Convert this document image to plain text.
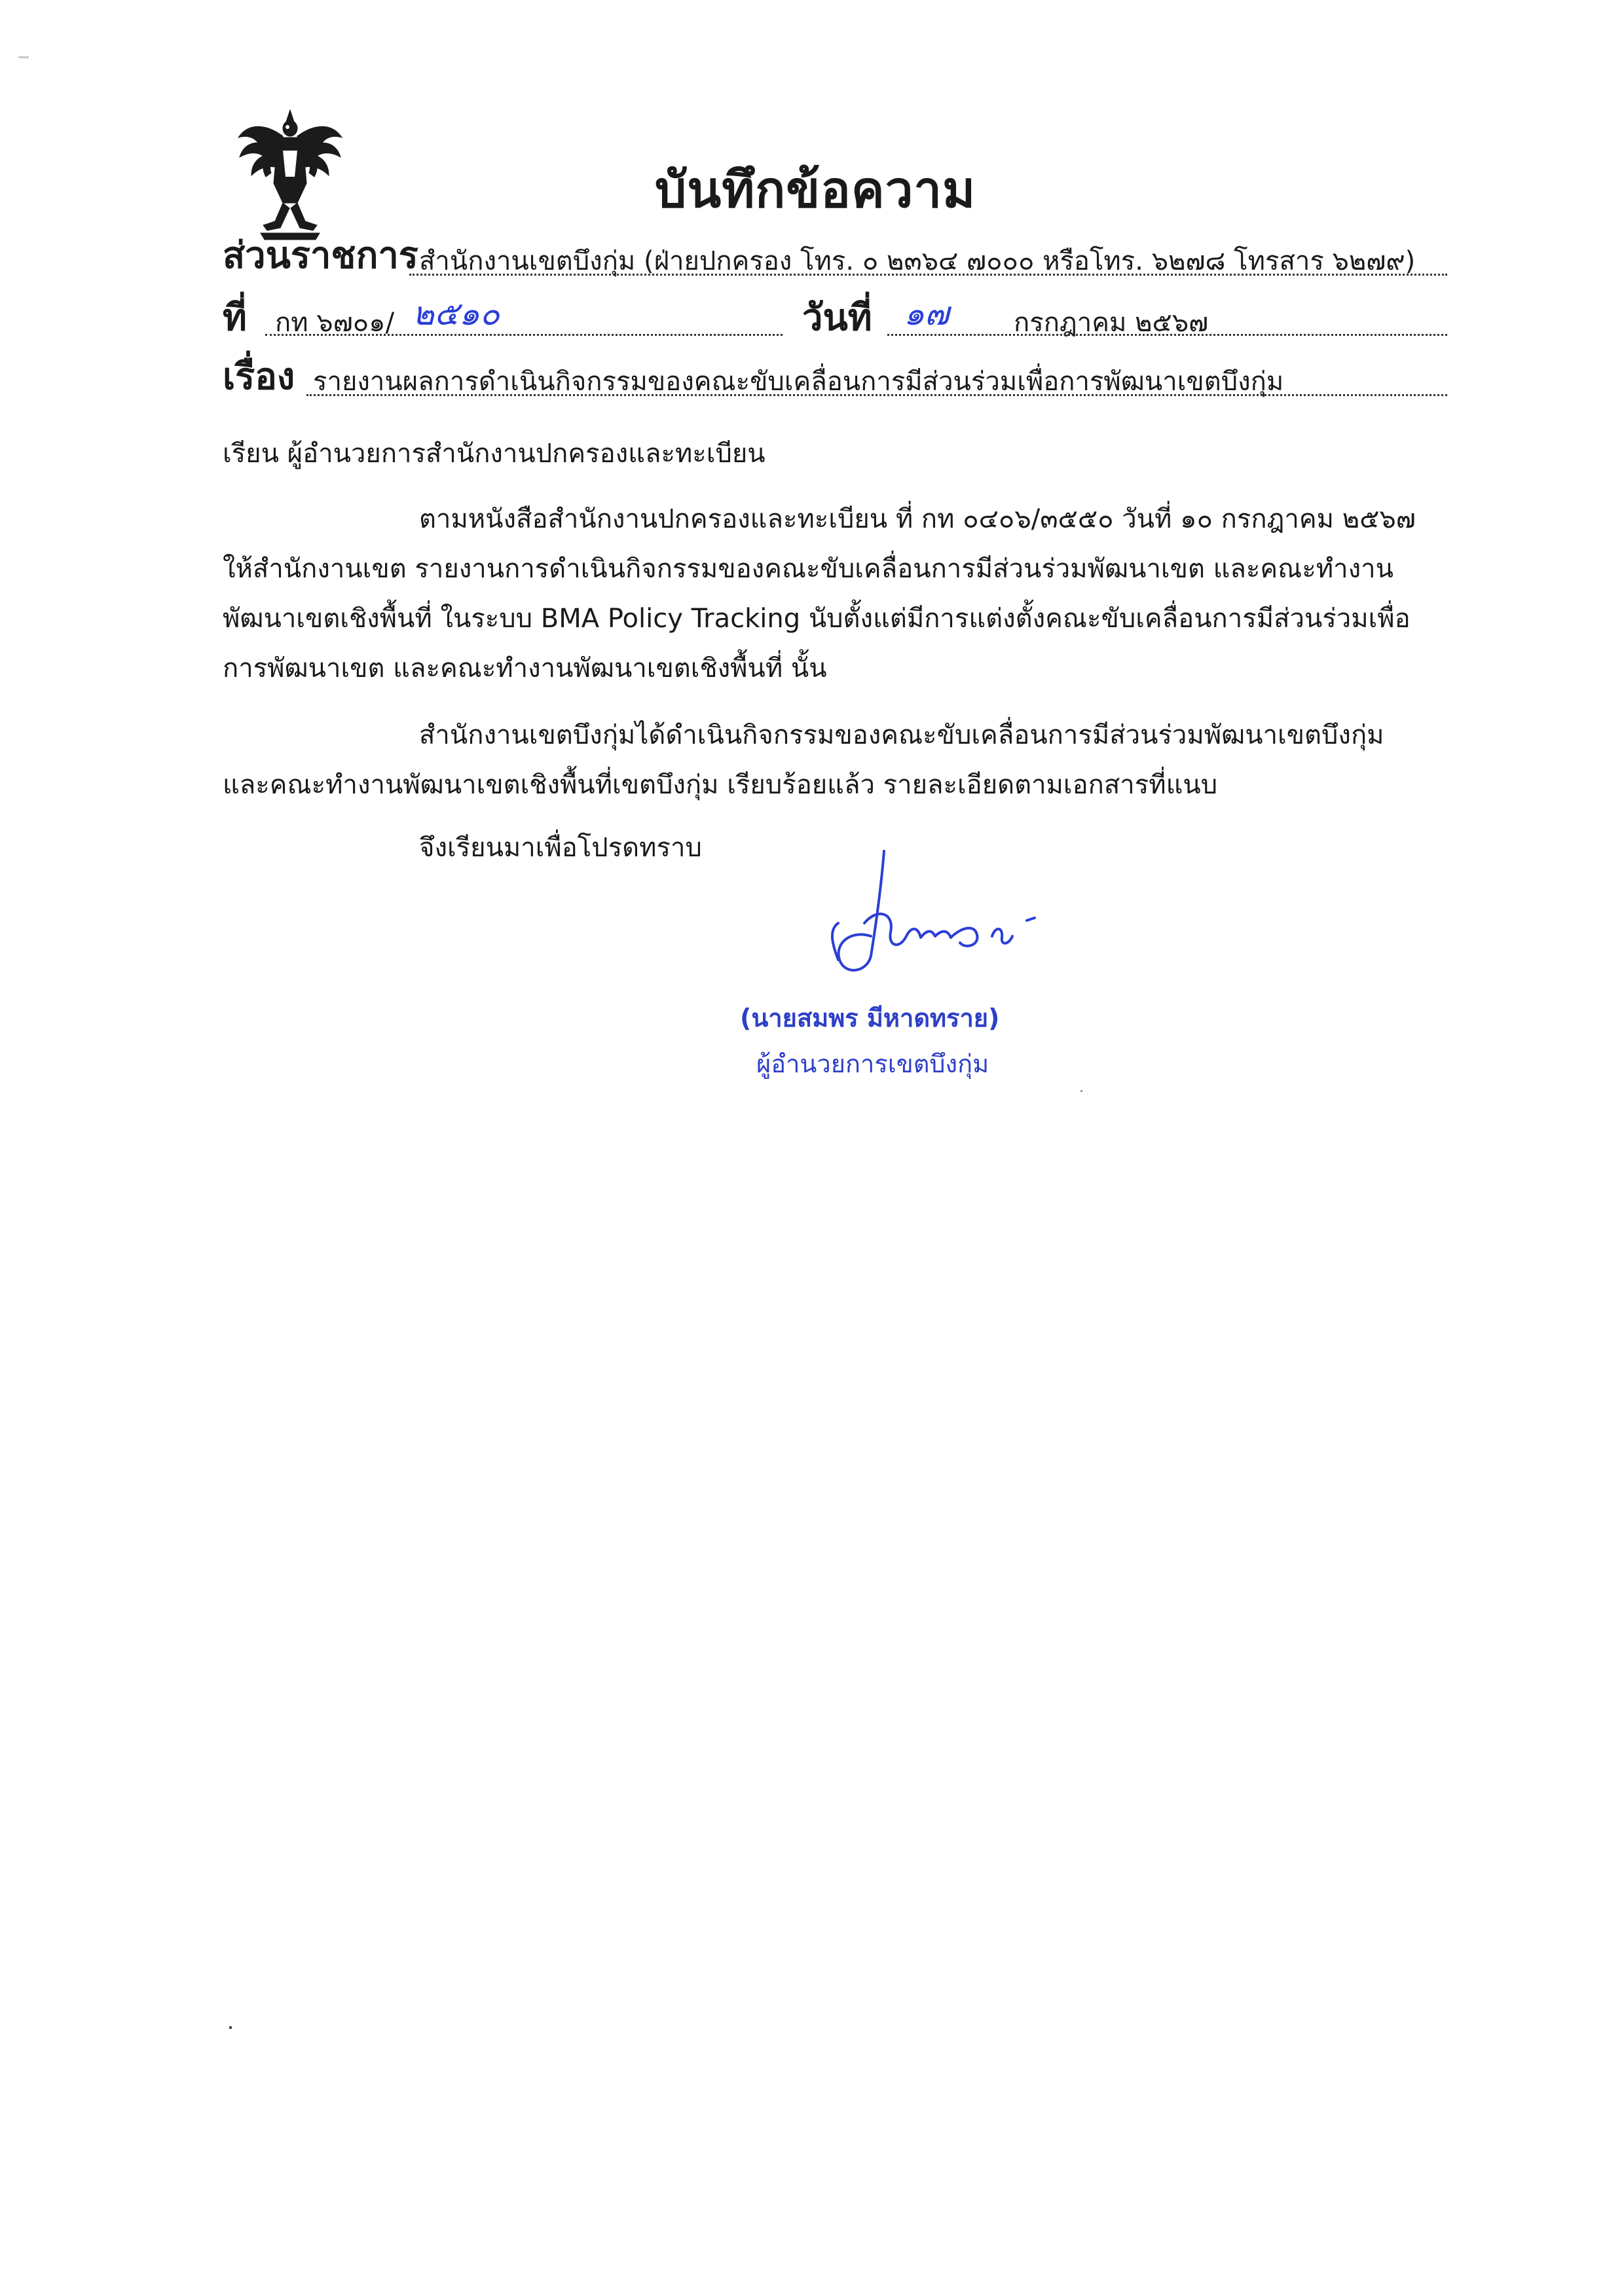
บันทึกข้อความ
ส่วนราชการ สำนักงานเขตบึงกุ่ม (ฝ่ายปกครอง โทร. ๐ ๒๓๖๔ ๗๐๐๐ หรือโทร. ๖๒๗๘ โทรสาร ๖๒๗๙)
ที่ กท ๖๗๐๑/ ๒๕๑๐	วันที่ ๑๗ กรกฎาคม ๒๕๖๗
เรื่อง รายงานผลการดำเนินกิจกรรมของคณะขับเคลื่อนการมีส่วนร่วมเพื่อการพัฒนาเขตบึงกุ่ม
เรียน ผู้อำนวยการสำนักงานปกครองและทะเบียน
ตามหนังสือสำนักงานปกครองและทะเบียน ที่ กท ๐๔๐๖/๓๕๕๐ วันที่ ๑๐ กรกฎาคม ๒๕๖๗
ให้สำนักงานเขต รายงานการดำเนินกิจกรรมของคณะขับเคลื่อนการมีส่วนร่วมพัฒนาเขต และคณะทำงาน
พัฒนาเขตเชิงพื้นที่ ในระบบ BMA Policy Tracking นับตั้งแต่มีการแต่งตั้งคณะขับเคลื่อนการมีส่วนร่วมเพื่อ
การพัฒนาเขต และคณะทำงานพัฒนาเขตเชิงพื้นที่ นั้น
สำนักงานเขตบึงกุ่มได้ดำเนินกิจกรรมของคณะขับเคลื่อนการมีส่วนร่วมพัฒนาเขตบึงกุ่ม
และคณะทำงานพัฒนาเขตเชิงพื้นที่เขตบึงกุ่ม เรียบร้อยแล้ว รายละเอียดตามเอกสารที่แนบ
จึงเรียนมาเพื่อโปรดทราบ
(นายสมพร มีหาดทราย)
ผู้อำนวยการเขตบึงกุ่ม
